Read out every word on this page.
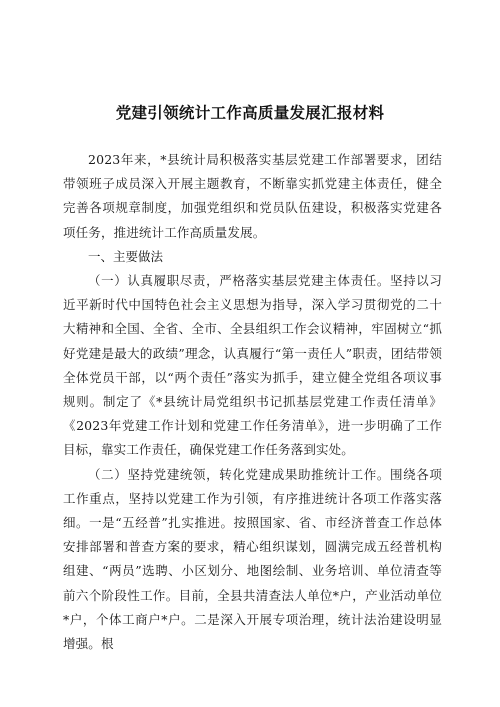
党建引领统计工作高质量发展汇报材料

2023年来，*县统计局积极落实基层党建工作部署要求，团结带领班子成员深入开展主题教育，不断靠实抓党建主体责任，健全完善各项规章制度，加强党组织和党员队伍建设，积极落实党建各项任务，推进统计工作高质量发展。

一、主要做法

（一）认真履职尽责，严格落实基层党建主体责任。坚持以习近平新时代中国特色社会主义思想为指导，深入学习贯彻党的二十大精神和全国、全省、全市、全县组织工作会议精神，牢固树立“抓好党建是最大的政绩”理念，认真履行“第一责任人”职责，团结带领全体党员干部，以“两个责任”落实为抓手，建立健全党组各项议事规则。制定了《*县统计局党组织书记抓基层党建工作责任清单》《2023年党建工作计划和党建工作任务清单》，进一步明确了工作目标，靠实工作责任，确保党建工作任务落到实处。

（二）坚持党建统领，转化党建成果助推统计工作。围绕各项工作重点，坚持以党建工作为引领，有序推进统计各项工作落实落细。一是“五经普”扎实推进。按照国家、省、市经济普查工作总体安排部署和普查方案的要求，精心组织谋划，圆满完成五经普机构组建、“两员”选聘、小区划分、地图绘制、业务培训、单位清查等前六个阶段性工作。目前，全县共清查法人单位*户，产业活动单位*户，个体工商户*户。二是深入开展专项治理，统计法治建设明显增强。根
